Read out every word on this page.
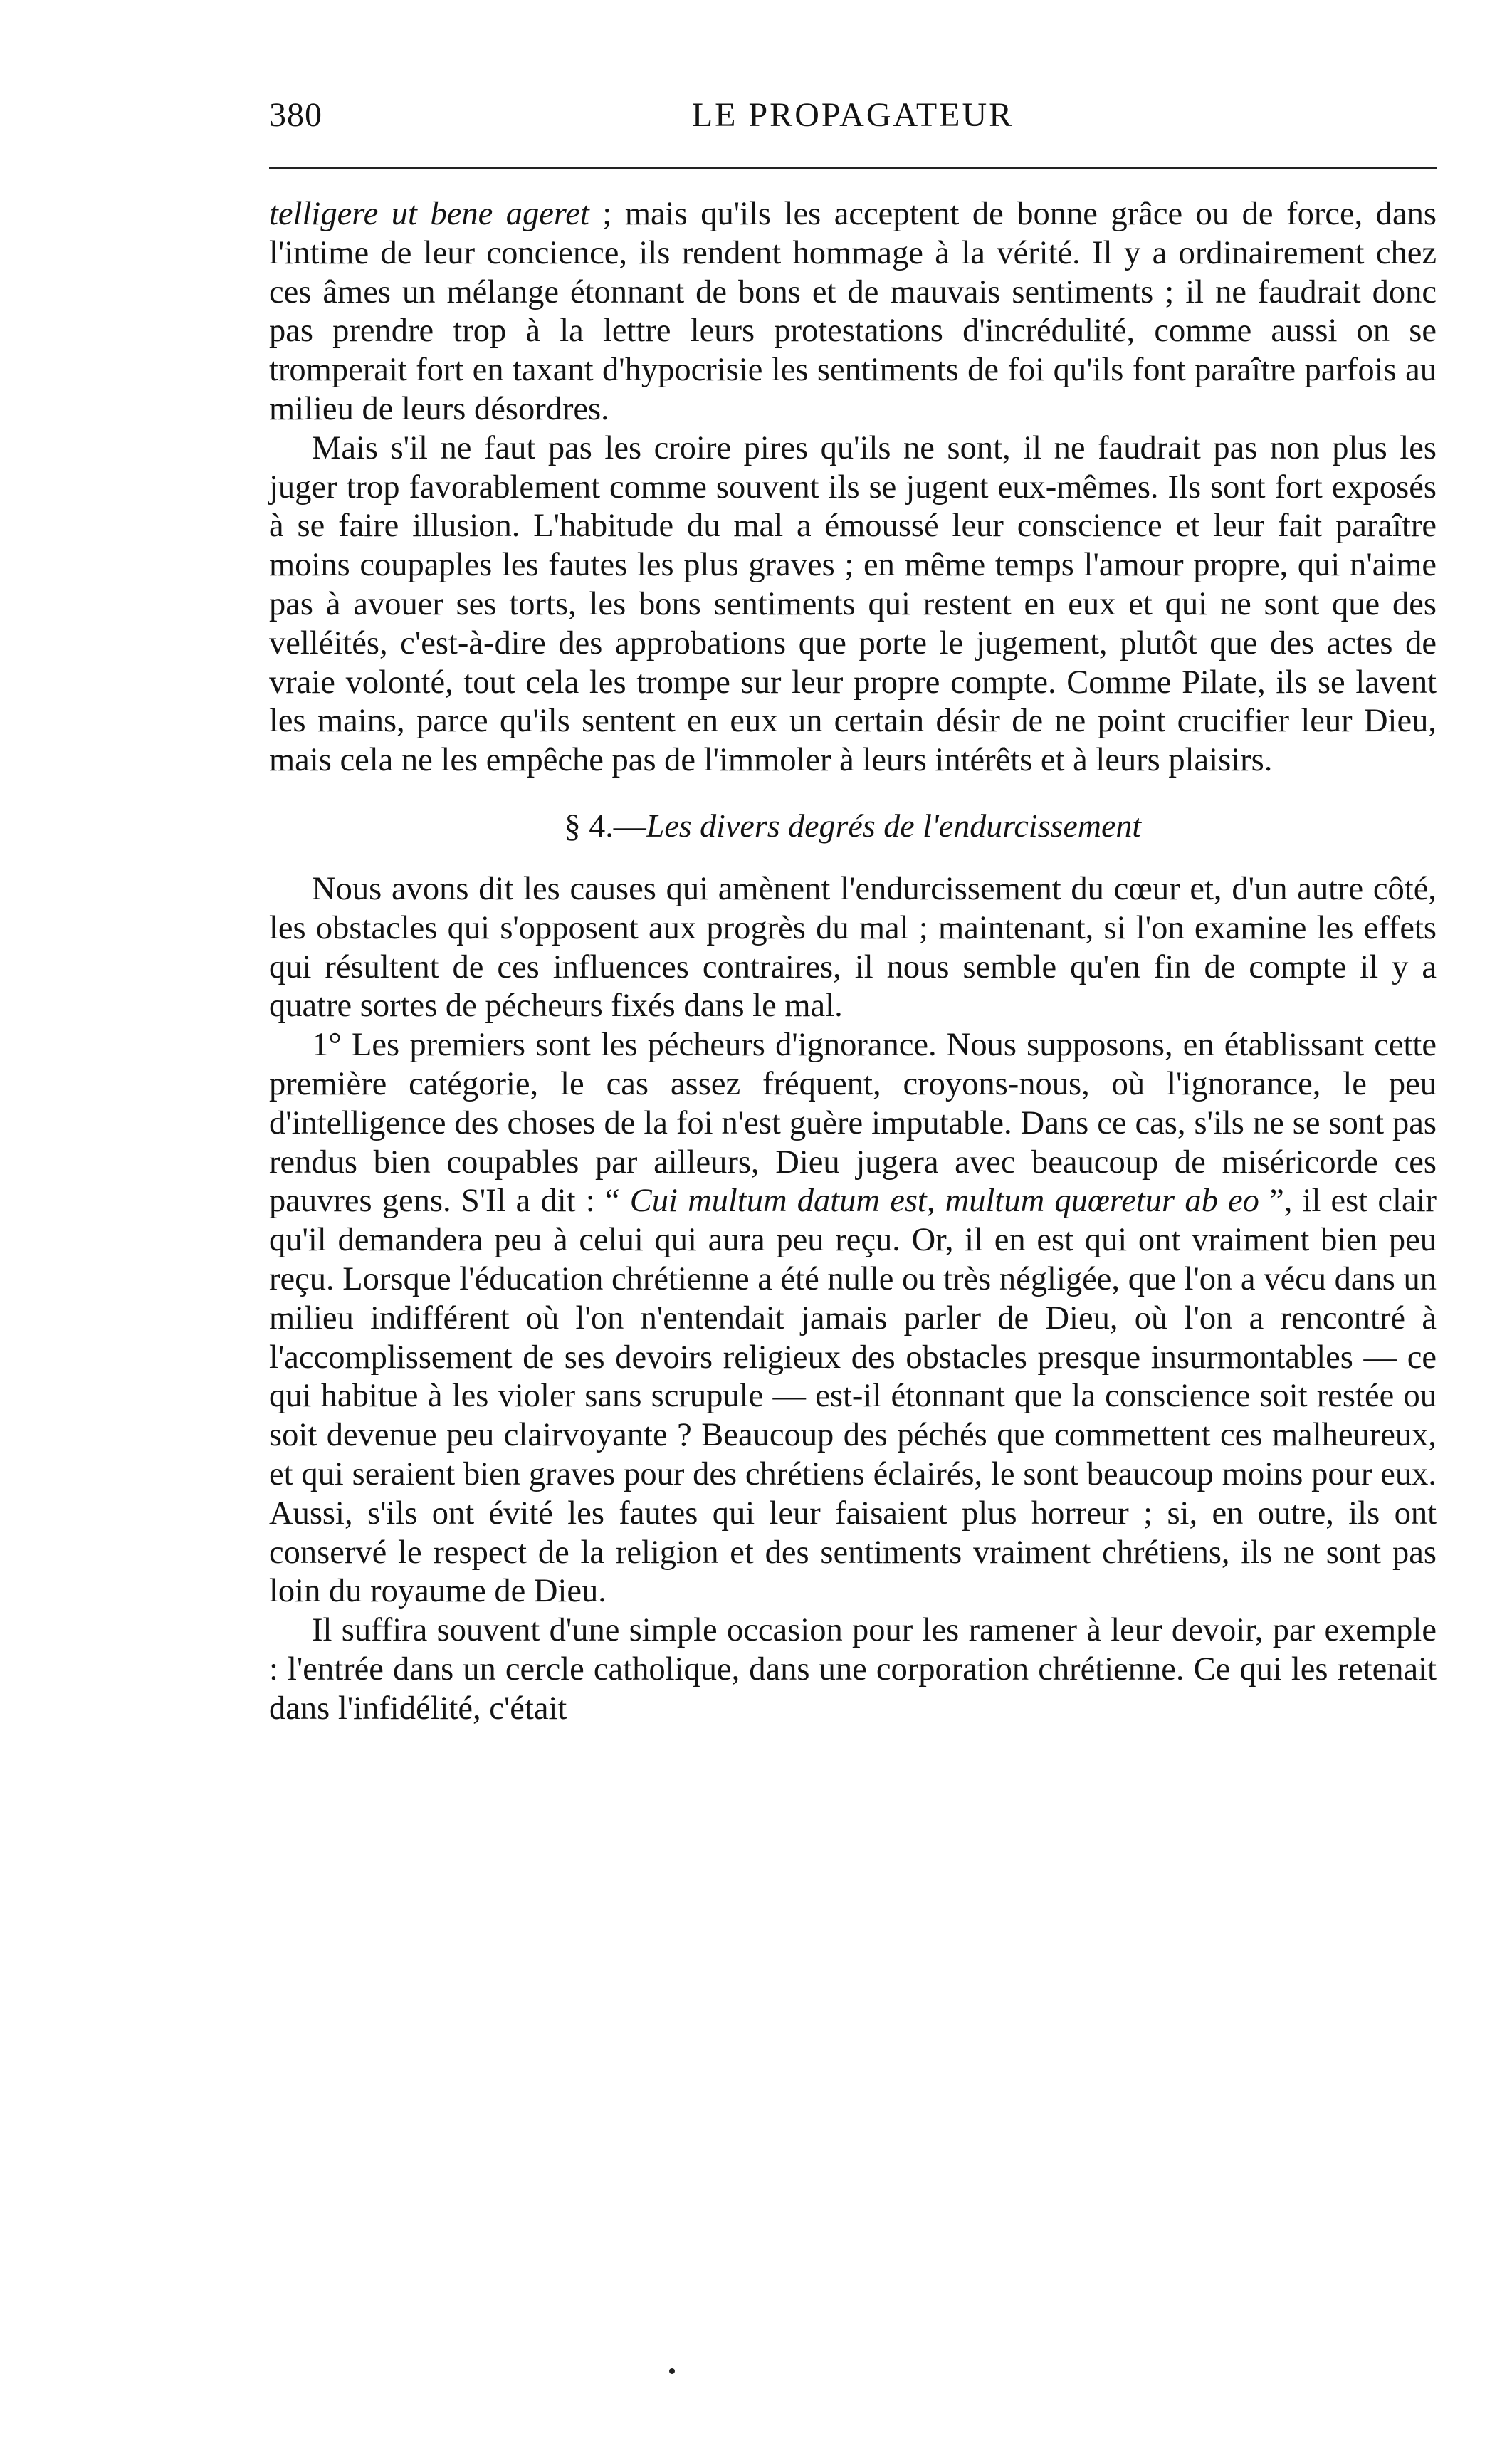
380	LE PROPAGATEUR

telligere ut bene ageret ; mais qu'ils les acceptent de bonne grâce ou de force, dans l'intime de leur concience, ils rendent hommage à la vérité. Il y a ordinairement chez ces âmes un mélange étonnant de bons et de mauvais sentiments ; il ne faudrait donc pas prendre trop à la lettre leurs protestations d'incrédulité, comme aussi on se tromperait fort en taxant d'hypocrisie les sentiments de foi qu'ils font paraître parfois au milieu de leurs désordres.

Mais s'il ne faut pas les croire pires qu'ils ne sont, il ne faudrait pas non plus les juger trop favorablement comme souvent ils se jugent eux-mêmes. Ils sont fort exposés à se faire illusion. L'habitude du mal a émoussé leur conscience et leur fait paraître moins coupaples les fautes les plus graves ; en même temps l'amour propre, qui n'aime pas à avouer ses torts, les bons sentiments qui restent en eux et qui ne sont que des velléités, c'est-à-dire des approbations que porte le jugement, plutôt que des actes de vraie volonté, tout cela les trompe sur leur propre compte. Comme Pilate, ils se lavent les mains, parce qu'ils sentent en eux un certain désir de ne point crucifier leur Dieu, mais cela ne les empêche pas de l'immoler à leurs intérêts et à leurs plaisirs.

§ 4.—Les divers degrés de l'endurcissement

Nous avons dit les causes qui amènent l'endurcissement du cœur et, d'un autre côté, les obstacles qui s'opposent aux progrès du mal ; maintenant, si l'on examine les effets qui résultent de ces influences contraires, il nous semble qu'en fin de compte il y a quatre sortes de pécheurs fixés dans le mal.

1° Les premiers sont les pécheurs d'ignorance. Nous supposons, en établissant cette première catégorie, le cas assez fréquent, croyons-nous, où l'ignorance, le peu d'intelligence des choses de la foi n'est guère imputable. Dans ce cas, s'ils ne se sont pas rendus bien coupables par ailleurs, Dieu jugera avec beaucoup de miséricorde ces pauvres gens. S'Il a dit : “ Cui multum datum est, multum quœretur ab eo ”, il est clair qu'il demandera peu à celui qui aura peu reçu. Or, il en est qui ont vraiment bien peu reçu. Lorsque l'éducation chrétienne a été nulle ou très négligée, que l'on a vécu dans un milieu indifférent où l'on n'entendait jamais parler de Dieu, où l'on a rencontré à l'accomplissement de ses devoirs religieux des obstacles presque insurmontables — ce qui habitue à les violer sans scrupule — est-il étonnant que la conscience soit restée ou soit devenue peu clairvoyante ? Beaucoup des péchés que commettent ces malheureux, et qui seraient bien graves pour des chrétiens éclairés, le sont beaucoup moins pour eux. Aussi, s'ils ont évité les fautes qui leur faisaient plus horreur ; si, en outre, ils ont conservé le respect de la religion et des sentiments vraiment chrétiens, ils ne sont pas loin du royaume de Dieu.

Il suffira souvent d'une simple occasion pour les ramener à leur devoir, par exemple : l'entrée dans un cercle catholique, dans une corporation chrétienne. Ce qui les retenait dans l'infidélité, c'était
